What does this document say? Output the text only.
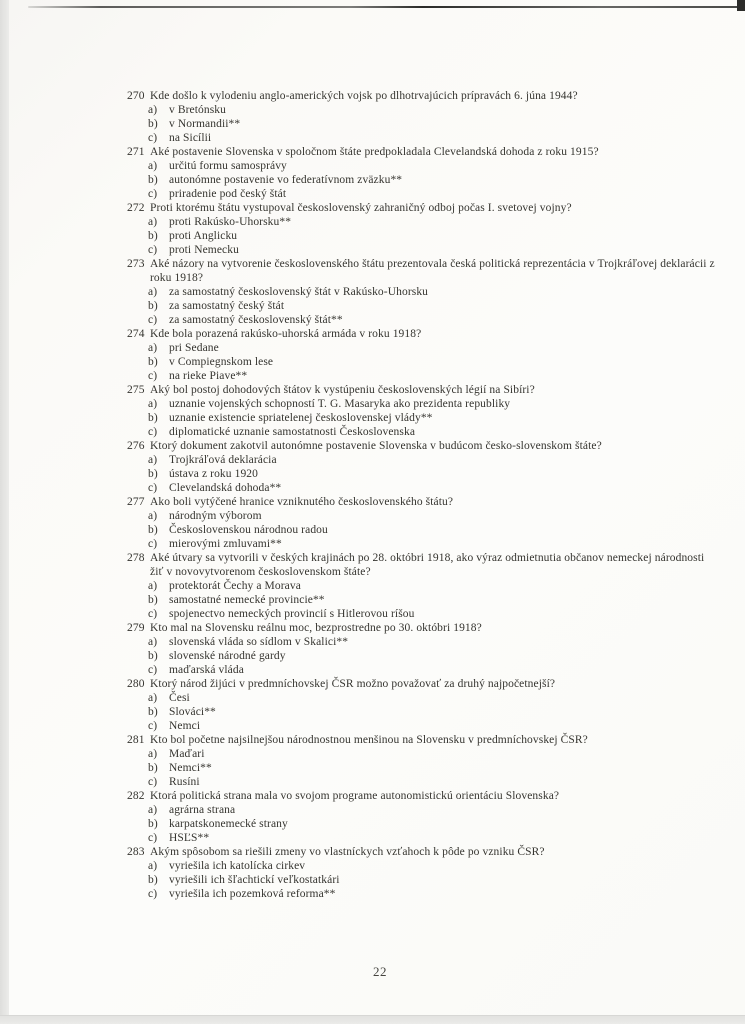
270 Kde došlo k vylodeniu anglo-amerických vojsk po dlhotrvajúcich prípravách 6. júna 1944?
a)	v Bretónsku
b) v Normandii**
c)	na Sicílii
271 Aké postavenie Slovenska v spoločnom štáte predpokladala Clevelandská dohoda z roku 1915?
a)	určitú formu samosprávy
b) autonómne postavenie vo federatívnom zväzku**
c)	priradenie pod český štát
272 Proti ktorému štátu vystupoval československý zahraničný odboj počas I. svetovej vojny?
a)	proti Rakúsko-Uhorsku**
b) proti Anglicku
c)	proti Nemecku
273 Aké názory na vytvorenie československého štátu prezentovala česká politická reprezentácia v Trojkráľovej deklarácii z roku 1918?
a)	za samostatný československý štát v Rakúsko-Uhorsku
b) za samostatný český štát
c)	za samostatný československý štát**
274 Kde bola porazená rakúsko-uhorská armáda v roku 1918?
a)	pri Sedane
b) v Compiegnskom lese
c)	na rieke Piave**
275 Aký bol postoj dohodových štátov k vystúpeniu československých légií na Sibíri?
a)	uznanie vojenských schopností T. G. Masaryka ako prezidenta republiky
b) uznanie existencie spriatelenej československej vlády**
c)	diplomatické uznanie samostatnosti Československa
276 Ktorý dokument zakotvil autonómne postavenie Slovenska v budúcom česko-slovenskom štáte?
a)	Trojkráľová deklarácia
b) ústava z roku 1920
c)	Clevelandská dohoda**
277 Ako boli vytýčené hranice vzniknutého československého štátu?
a)	národným výborom
b) Československou národnou radou
c)	mierovými zmluvami**
278 Aké útvary sa vytvorili v českých krajinách po 28. októbri 1918, ako výraz odmietnutia občanov nemeckej národnosti žiť v novovytvorenom československom štáte?
a)	protektorát Čechy a Morava
b) samostatné nemecké provincie**
c)	spojenectvo nemeckých provincií s Hitlerovou ríšou
279 Kto mal na Slovensku reálnu moc, bezprostredne po 30. októbri 1918?
a)	slovenská vláda so sídlom v Skalici**
b) slovenské národné gardy
c)	maďarská vláda
280 Ktorý národ žijúci v predmníchovskej ČSR možno považovať za druhý najpočetnejší?
a)	Česi
b) Slováci**
c)	Nemci
281 Kto bol početne najsilnejšou národnostnou menšinou na Slovensku v predmníchovskej ČSR?
a)	Maďari
b) Nemci**
c)	Rusíni
282 Ktorá politická strana mala vo svojom programe autonomistickú orientáciu Slovenska?
a)	agrárna strana
b) karpatskonemecké strany
c)	HSĽS**
283 Akým spôsobom sa riešili zmeny vo vlastníckych vzťahoch k pôde po vzniku ČSR?
a)	vyriešila ich katolícka cirkev
b) vyriešili ich šľachtickí veľkostatkári
c)	vyriešila ich pozemková reforma**
22
